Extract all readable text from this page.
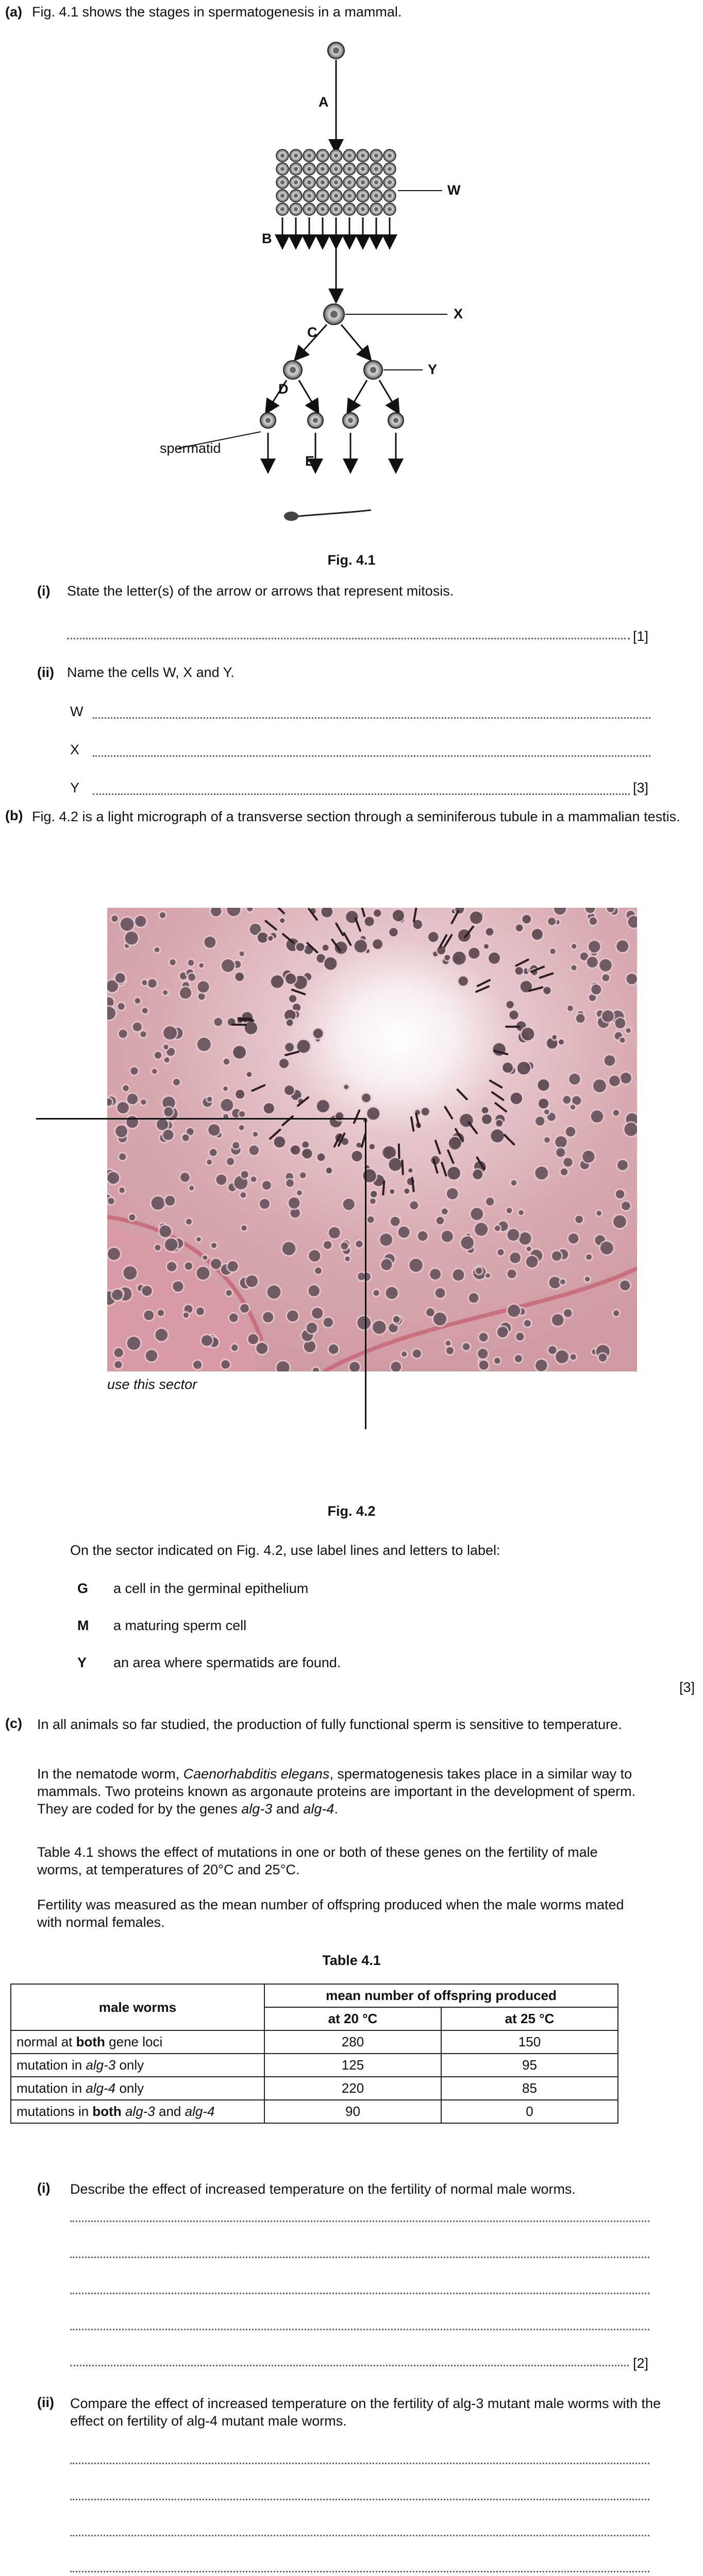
(a) Fig. 4.1 shows the stages in spermatogenesis in a mammal.
A
W
B
X
C
Y
D
spermatid
E
Fig. 4.1
(i) State the letter(s) of the arrow or arrows that represent mitosis.
[1]
(ii) Name the cells W, X and Y.
W
X
Y	[3]
(b) Fig. 4.2 is a light micrograph of a transverse section through a seminiferous tubule in a mammalian testis.
use this sector
Fig. 4.2
On the sector indicated on Fig. 4.2, use label lines and letters to label:
G a cell in the germinal epithelium
M a maturing sperm cell
Y an area where spermatids are found.
[3]
(c) In all animals so far studied, the production of fully functional sperm is sensitive to temperature.
In the nematode worm, Caenorhabditis elegans, spermatogenesis takes place in a similar way to mammals. Two proteins known as argonaute proteins are important in the development of sperm. They are coded for by the genes alg-3 and alg-4.
Table 4.1 shows the effect of mutations in one or both of these genes on the fertility of male worms, at temperatures of 20°C and 25°C.
Fertility was measured as the mean number of offspring produced when the male worms mated with normal females.
Table 4.1
male worms	mean number of offspring produced	
	at 20 °C	at 25 °C
normal at both gene loci	280	150
mutation in alg-3 only	125	95
mutation in alg-4 only	220	85
mutations in both alg-3 and alg-4	90	0
(i) Describe the effect of increased temperature on the fertility of normal male worms.
[2]
(ii) Compare the effect of increased temperature on the fertility of alg-3 mutant male worms with the effect on fertility of alg-4 mutant male worms.
